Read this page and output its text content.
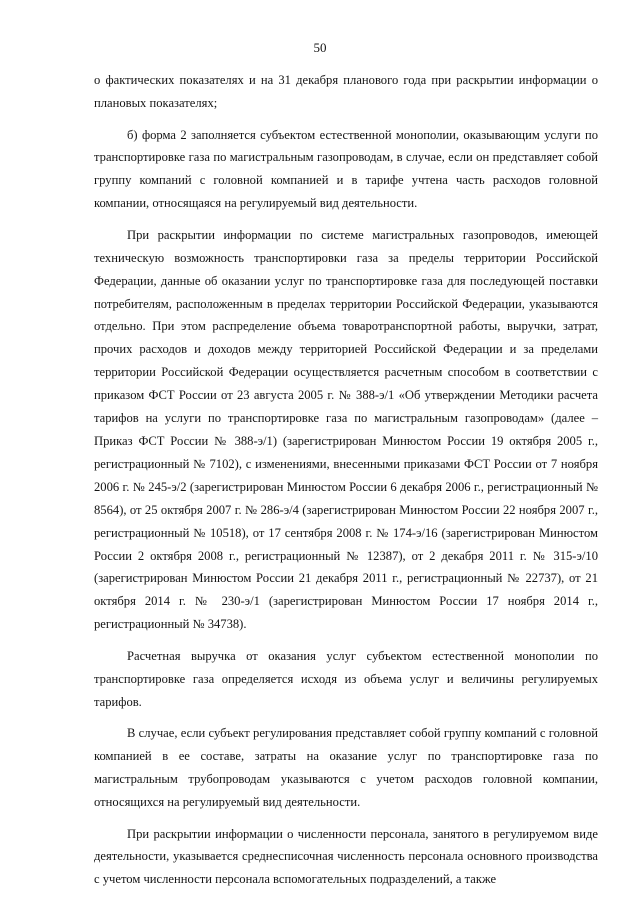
50

о фактических показателях и на 31 декабря планового года при раскрытии информации о плановых показателях;

б) форма 2 заполняется субъектом естественной монополии, оказывающим услуги по транспортировке газа по магистральным газопроводам, в случае, если он представляет собой группу компаний с головной компанией и в тарифе учтена часть расходов головной компании, относящаяся на регулируемый вид деятельности.

При раскрытии информации по системе магистральных газопроводов, имеющей техническую возможность транспортировки газа за пределы территории Российской Федерации, данные об оказании услуг по транспортировке газа для последующей поставки потребителям, расположенным в пределах территории Российской Федерации, указываются отдельно. При этом распределение объема товаротранспортной работы, выручки, затрат, прочих расходов и доходов между территорией Российской Федерации и за пределами территории Российской Федерации осуществляется расчетным способом в соответствии с приказом ФСТ России от 23 августа 2005 г. № 388-э/1 «Об утверждении Методики расчета тарифов на услуги по транспортировке газа по магистральным газопроводам» (далее – Приказ ФСТ России № 388-э/1) (зарегистрирован Минюстом России 19 октября 2005 г., регистрационный № 7102), с изменениями, внесенными приказами ФСТ России от 7 ноября 2006 г. № 245-э/2 (зарегистрирован Минюстом России 6 декабря 2006 г., регистрационный № 8564), от 25 октября 2007 г. № 286-э/4 (зарегистрирован Минюстом России 22 ноября 2007 г., регистрационный № 10518), от 17 сентября 2008 г. № 174-э/16 (зарегистрирован Минюстом России 2 октября 2008 г., регистрационный № 12387), от 2 декабря 2011 г. № 315-э/10 (зарегистрирован Минюстом России 21 декабря 2011 г., регистрационный № 22737), от 21 октября 2014 г. № 230-э/1 (зарегистрирован Минюстом России 17 ноября 2014 г., регистрационный № 34738).

Расчетная выручка от оказания услуг субъектом естественной монополии по транспортировке газа определяется исходя из объема услуг и величины регулируемых тарифов.

В случае, если субъект регулирования представляет собой группу компаний с головной компанией в ее составе, затраты на оказание услуг по транспортировке газа по магистральным трубопроводам указываются с учетом расходов головной компании, относящихся на регулируемый вид деятельности.

При раскрытии информации о численности персонала, занятого в регулируемом виде деятельности, указывается среднесписочная численность персонала основного производства с учетом численности персонала вспомогательных подразделений, а также
